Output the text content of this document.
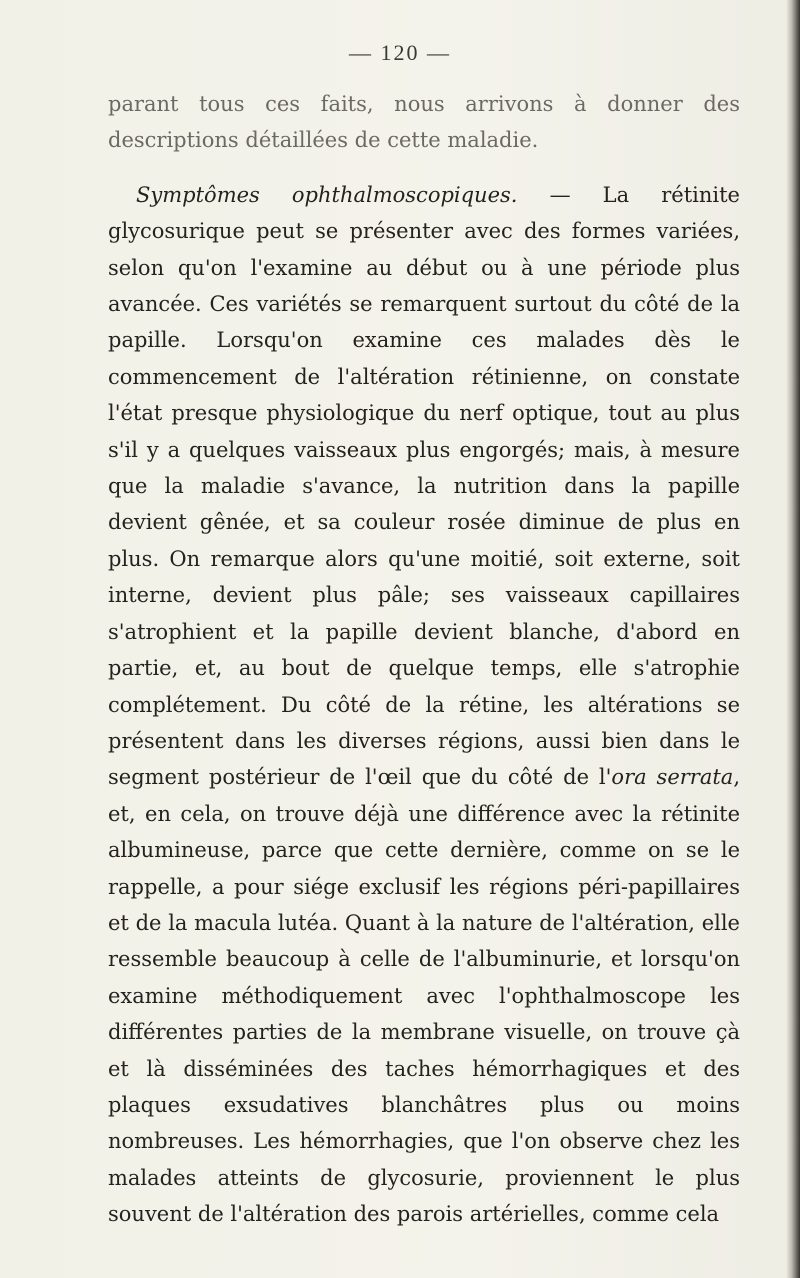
— 120 —

parant tous ces faits, nous arrivons à donner des descriptions détaillées de cette maladie.

Symptômes ophthalmoscopiques. — La rétinite glycosurique peut se présenter avec des formes variées, selon qu'on l'examine au début ou à une période plus avancée. Ces variétés se remarquent surtout du côté de la papille. Lorsqu'on examine ces malades dès le commencement de l'altération rétinienne, on constate l'état presque physiologique du nerf optique, tout au plus s'il y a quelques vaisseaux plus engorgés; mais, à mesure que la maladie s'avance, la nutrition dans la papille devient gênée, et sa couleur rosée diminue de plus en plus. On remarque alors qu'une moitié, soit externe, soit interne, devient plus pâle; ses vaisseaux capillaires s'atrophient et la papille devient blanche, d'abord en partie, et, au bout de quelque temps, elle s'atrophie complétement. Du côté de la rétine, les altérations se présentent dans les diverses régions, aussi bien dans le segment postérieur de l'œil que du côté de l'ora serrata, et, en cela, on trouve déjà une différence avec la rétinite albumineuse, parce que cette dernière, comme on se le rappelle, a pour siége exclusif les régions péri-papillaires et de la macula lutéa. Quant à la nature de l'altération, elle ressemble beaucoup à celle de l'albuminurie, et lorsqu'on examine méthodiquement avec l'ophthalmoscope les différentes parties de la membrane visuelle, on trouve çà et là disséminées des taches hémorrhagiques et des plaques exsudatives blanchâtres plus ou moins nombreuses. Les hémorrhagies, que l'on observe chez les malades atteints de glycosurie, proviennent le plus souvent de l'altération des parois artérielles, comme cela
